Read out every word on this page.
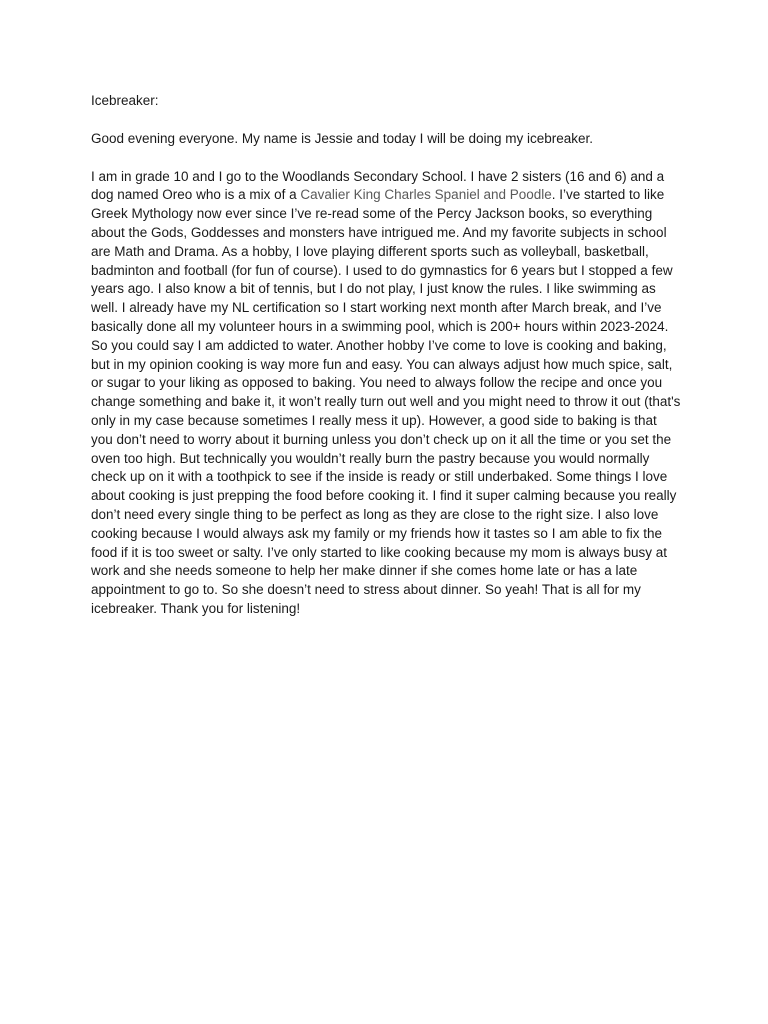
Icebreaker:

Good evening everyone. My name is Jessie and today I will be doing my icebreaker.

I am in grade 10 and I go to the Woodlands Secondary School. I have 2 sisters (16 and 6) and a dog named Oreo who is a mix of a Cavalier King Charles Spaniel and Poodle. I’ve started to like Greek Mythology now ever since I’ve re-read some of the Percy Jackson books, so everything about the Gods, Goddesses and monsters have intrigued me. And my favorite subjects in school are Math and Drama. As a hobby, I love playing different sports such as volleyball, basketball, badminton and football (for fun of course). I used to do gymnastics for 6 years but I stopped a few years ago. I also know a bit of tennis, but I do not play, I just know the rules. I like swimming as well. I already have my NL certification so I start working next month after March break, and I’ve basically done all my volunteer hours in a swimming pool, which is 200+ hours within 2023-2024. So you could say I am addicted to water. Another hobby I’ve come to love is cooking and baking, but in my opinion cooking is way more fun and easy. You can always adjust how much spice, salt, or sugar to your liking as opposed to baking. You need to always follow the recipe and once you change something and bake it, it won’t really turn out well and you might need to throw it out (that's only in my case because sometimes I really mess it up). However, a good side to baking is that you don’t need to worry about it burning unless you don’t check up on it all the time or you set the oven too high. But technically you wouldn’t really burn the pastry because you would normally check up on it with a toothpick to see if the inside is ready or still underbaked. Some things I love about cooking is just prepping the food before cooking it. I find it super calming because you really don’t need every single thing to be perfect as long as they are close to the right size. I also love cooking because I would always ask my family or my friends how it tastes so I am able to fix the food if it is too sweet or salty. I’ve only started to like cooking because my mom is always busy at work and she needs someone to help her make dinner if she comes home late or has a late appointment to go to. So she doesn’t need to stress about dinner. So yeah! That is all for my icebreaker. Thank you for listening!
